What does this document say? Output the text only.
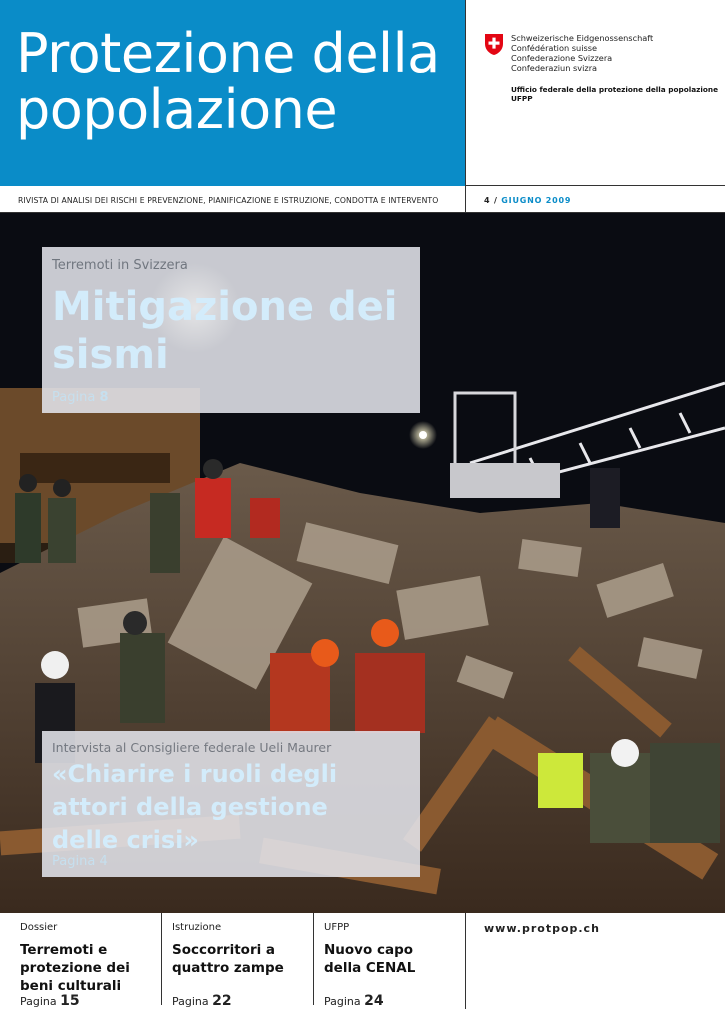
Protezione della popolazione
Schweizerische Eidgenossenschaft
Confédération suisse
Confederazione Svizzera
Confederaziun svizra
Ufficio federale della protezione della popolazione UFPP
RIVISTA DI ANALISI DEI RISCHI E PREVENZIONE, PIANIFICAZIONE E ISTRUZIONE, CONDOTTA E INTERVENTO	4 / GIUGNO 2009
Terremoti in Svizzera
Mitigazione dei sismi
Pagina 8
Intervista al Consigliere federale Ueli Maurer
«Chiarire i ruoli degli attori della gestione delle crisi»
Pagina 4
Dossier
Terremoti e protezione dei beni culturali
Pagina 15
Istruzione
Soccorritori a quattro zampe
Pagina 22
UFPP
Nuovo capo della CENAL
Pagina 24
www.protpop.ch
